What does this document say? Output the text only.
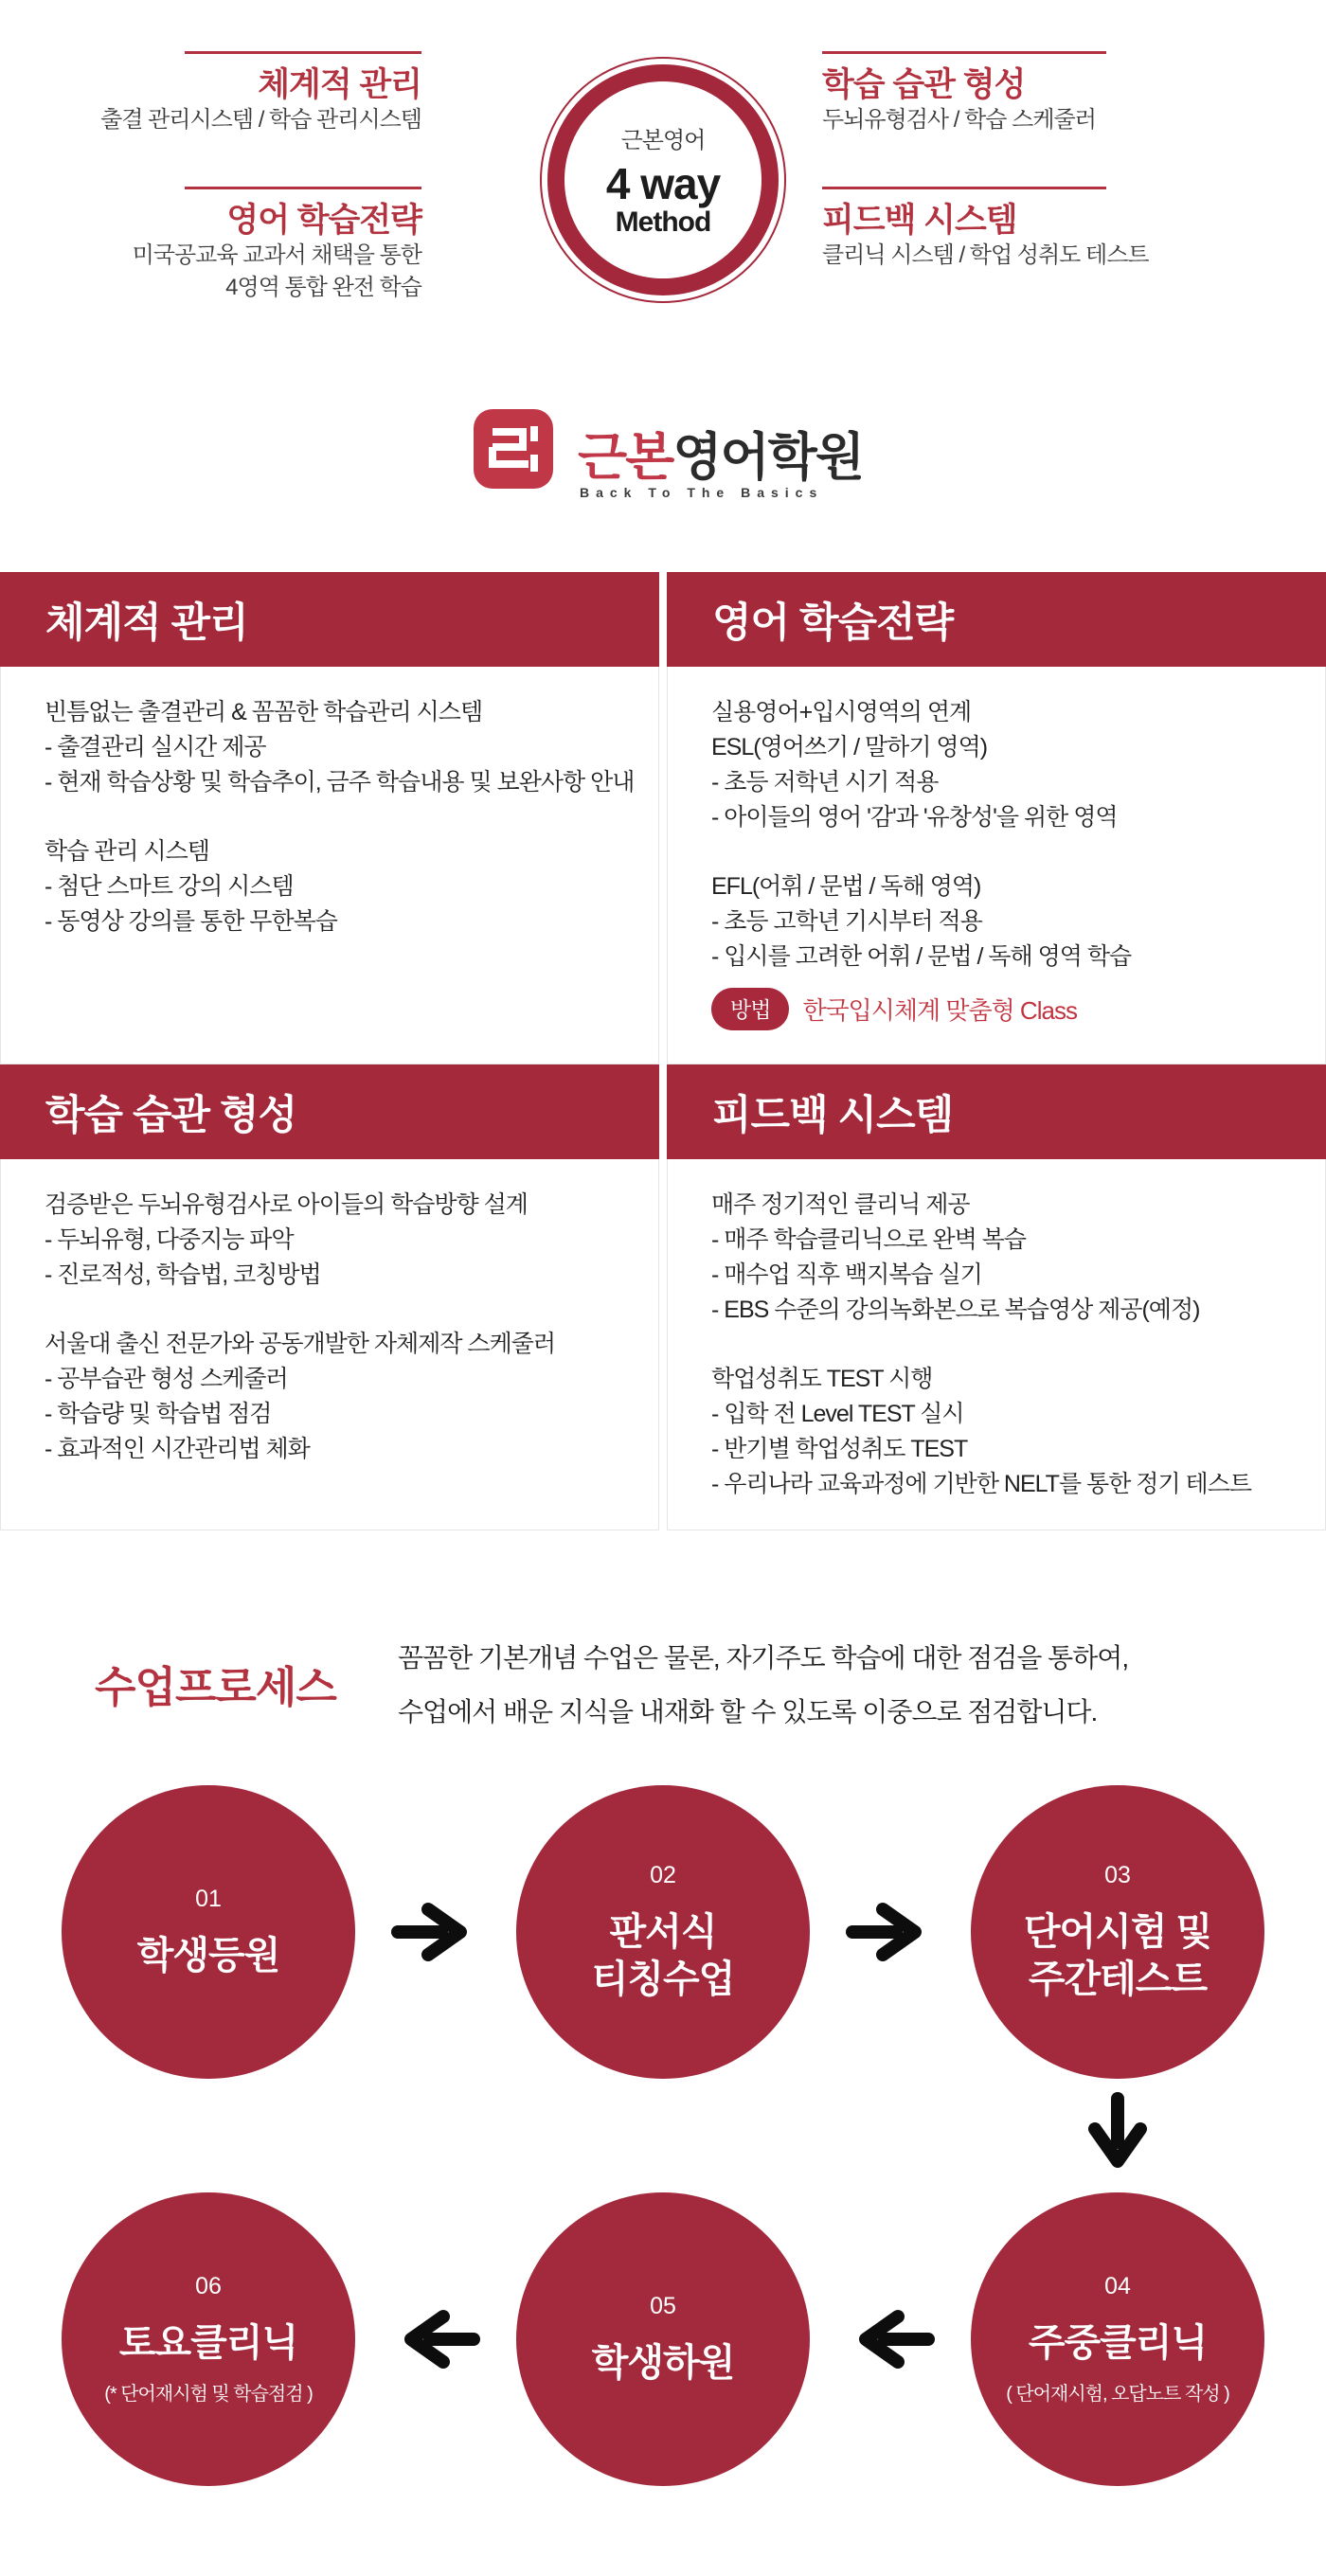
체계적 관리
출결 관리시스템 / 학습 관리시스템
영어 학습전략
미국공교육 교과서 채택을 통한
4영역 통합 완전 학습
학습 습관 형성
두뇌유형검사 / 학습 스케줄러
피드백 시스템
클리닉 시스템 / 학업 성취도 테스트
근본영어
4 way
Method
근본영어학원
Back To The Basics
체계적 관리	영어 학습전략

빈틈없는 출결관리 & 꼼꼼한 학습관리 시스템

- 출결관리 실시간 제공

- 현재 학습상황 및 학습추이, 금주 학습내용 및 보완사항 안내

학습 관리 시스템

- 첨단 스마트 강의 시스템

- 동영상 강의를 통한 무한복습

실용영어+입시영역의 연계

ESL(영어쓰기 / 말하기 영역)

- 초등 저학년 시기 적용

- 아이들의 영어 '감'과 '유창성'을 위한 영역

EFL(어휘 / 문법 / 독해 영역)

- 초등 고학년 기시부터 적용

- 입시를 고려한 어휘 / 문법 / 독해 영역 학습

방법	한국입시체계 맞춤형 Class
학습 습관 형성	피드백 시스템

검증받은 두뇌유형검사로 아이들의 학습방향 설계

- 두뇌유형, 다중지능 파악

- 진로적성, 학습법, 코칭방법

서울대 출신 전문가와 공동개발한 자체제작 스케줄러

- 공부습관 형성 스케줄러

- 학습량 및 학습법 점검

- 효과적인 시간관리법 체화

매주 정기적인 클리닉 제공

- 매주 학습클리닉으로 완벽 복습

- 매수업 직후 백지복습 실기

- EBS 수준의 강의녹화본으로 복습영상 제공(예정)

학업성취도 TEST 시행

- 입학 전 Level TEST 실시

- 반기별 학업성취도 TEST

- 우리나라 교육과정에 기반한 NELT를 통한 정기 테스트

수업프로세스

꼼꼼한 기본개념 수업은 물론, 자기주도 학습에 대한 점검을 통하여,

수업에서 배운 지식을 내재화 할 수 있도록 이중으로 점검합니다.

01
학생등원
02
판서식
티칭수업
03
단어시험 및
주간테스트
04
주중클리닉
( 단어재시험, 오답노트 작성 )
05
학생하원
06
토요클리닉
(* 단어재시험 및 학습점검 )
